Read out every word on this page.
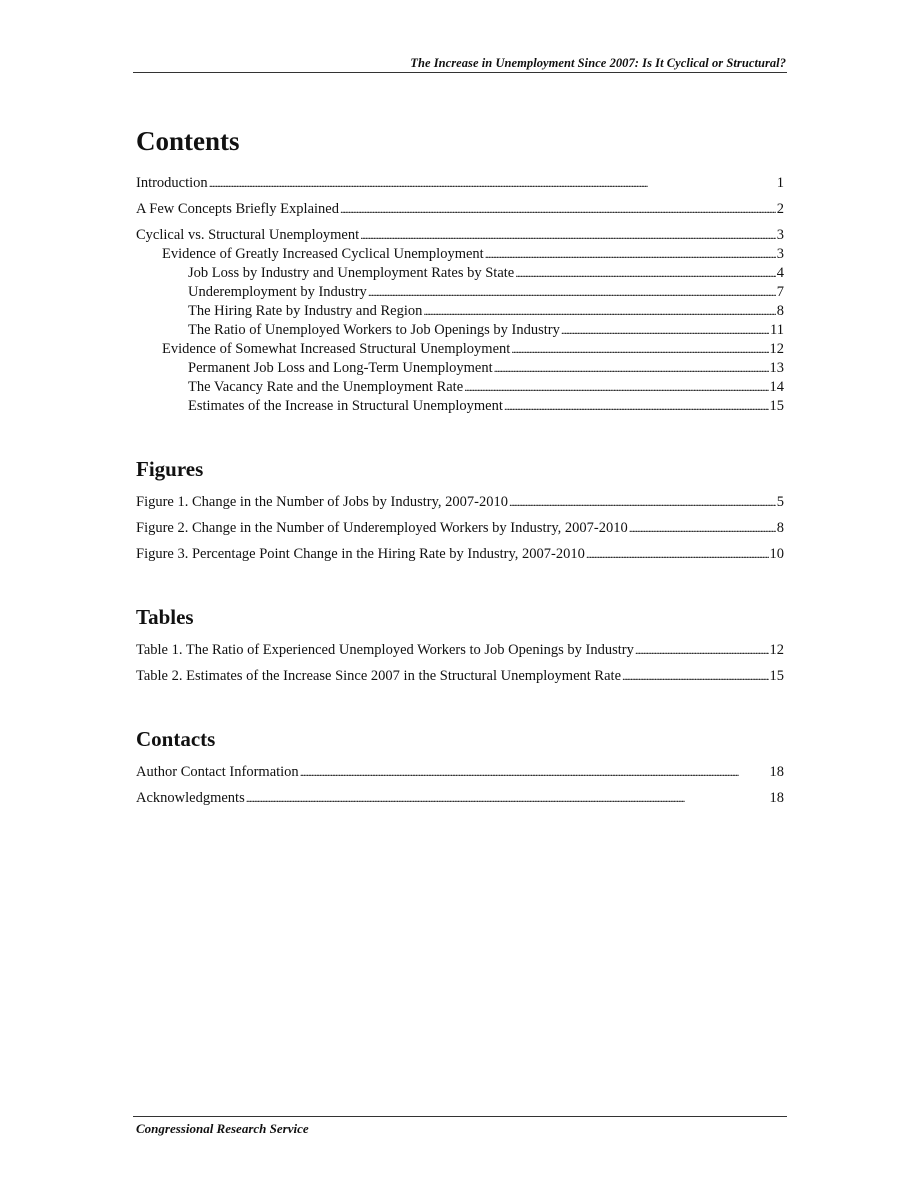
The Increase in Unemployment Since 2007: Is It Cyclical or Structural?
Contents
Introduction . . .	1
A Few Concepts Briefly Explained . . .	2
Cyclical vs. Structural Unemployment . . .	3
Evidence of Greatly Increased Cyclical Unemployment . . .	3
Job Loss by Industry and Unemployment Rates by State . . .	4
Underemployment by Industry . . .	7
The Hiring Rate by Industry and Region . . .	8
The Ratio of Unemployed Workers to Job Openings by Industry . . .	11
Evidence of Somewhat Increased Structural Unemployment . . .	12
Permanent Job Loss and Long-Term Unemployment . . .	13
The Vacancy Rate and the Unemployment Rate . . .	14
Estimates of the Increase in Structural Unemployment . . .	15
Figures
Figure 1. Change in the Number of Jobs by Industry, 2007-2010 . . .	5
Figure 2. Change in the Number of Underemployed Workers by Industry, 2007-2010 . . .	8
Figure 3. Percentage Point Change in the Hiring Rate by Industry, 2007-2010 . . .	10
Tables
Table 1. The Ratio of Experienced Unemployed Workers to Job Openings by Industry . . .	12
Table 2. Estimates of the Increase Since 2007 in the Structural Unemployment Rate . . .	15
Contacts
Author Contact Information . . .	18
Acknowledgments . . .	18
Congressional Research Service
